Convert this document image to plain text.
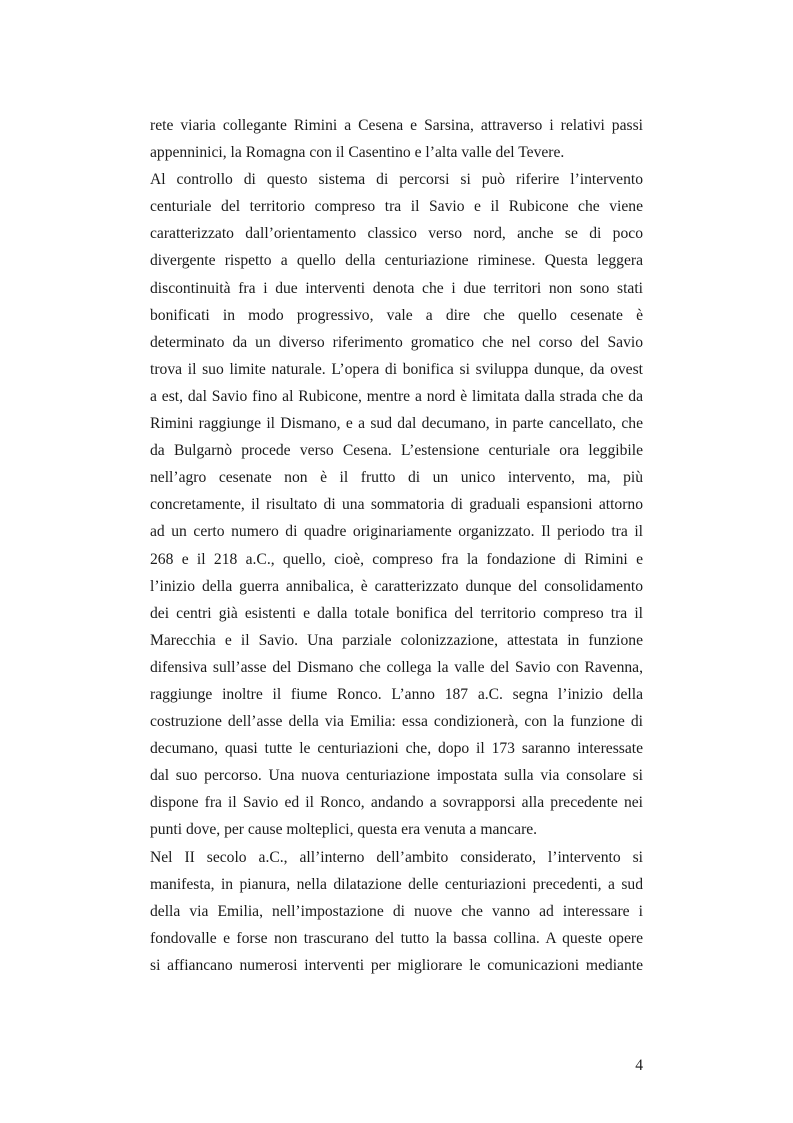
rete viaria collegante Rimini a Cesena e Sarsina, attraverso i relativi passi
appenninici, la Romagna con il Casentino e l’alta valle del Tevere.
Al controllo di questo sistema di percorsi si può riferire l’intervento
centuriale del territorio compreso tra il Savio e il Rubicone che viene
caratterizzato dall’orientamento classico verso nord, anche se di poco
divergente rispetto a quello della centuriazione riminese. Questa leggera
discontinuità fra i due interventi denota che i due territori non sono stati
bonificati in modo progressivo, vale a dire che quello cesenate è
determinato da un diverso riferimento gromatico che nel corso del Savio
trova il suo limite naturale. L’opera di bonifica si sviluppa dunque, da ovest
a est, dal Savio fino al Rubicone, mentre a nord è limitata dalla strada che da
Rimini raggiunge il Dismano, e a sud dal decumano, in parte cancellato, che
da Bulgarnò procede verso Cesena. L’estensione centuriale ora leggibile
nell’agro cesenate non è il frutto di un unico intervento, ma, più
concretamente, il risultato di una sommatoria di graduali espansioni attorno
ad un certo numero di quadre originariamente organizzato. Il periodo tra il
268 e il 218 a.C., quello, cioè, compreso fra la fondazione di Rimini e
l’inizio della guerra annibalica, è caratterizzato dunque del consolidamento
dei centri già esistenti e dalla totale bonifica del territorio compreso tra il
Marecchia e il Savio. Una parziale colonizzazione, attestata in funzione
difensiva sull’asse del Dismano che collega la valle del Savio con Ravenna,
raggiunge inoltre il fiume Ronco. L’anno 187 a.C. segna l’inizio della
costruzione dell’asse della via Emilia: essa condizionerà, con la funzione di
decumano, quasi tutte le centuriazioni che, dopo il 173 saranno interessate
dal suo percorso. Una nuova centuriazione impostata sulla via consolare si
dispone fra il Savio ed il Ronco, andando a sovrapporsi alla precedente nei
punti dove, per cause molteplici, questa era venuta a mancare.
Nel II secolo a.C., all’interno dell’ambito considerato, l’intervento si
manifesta, in pianura, nella dilatazione delle centuriazioni precedenti, a sud
della via Emilia, nell’impostazione di nuove che vanno ad interessare i
fondovalle e forse non trascurano del tutto la bassa collina. A queste opere
si affiancano numerosi interventi per migliorare le comunicazioni mediante
4
